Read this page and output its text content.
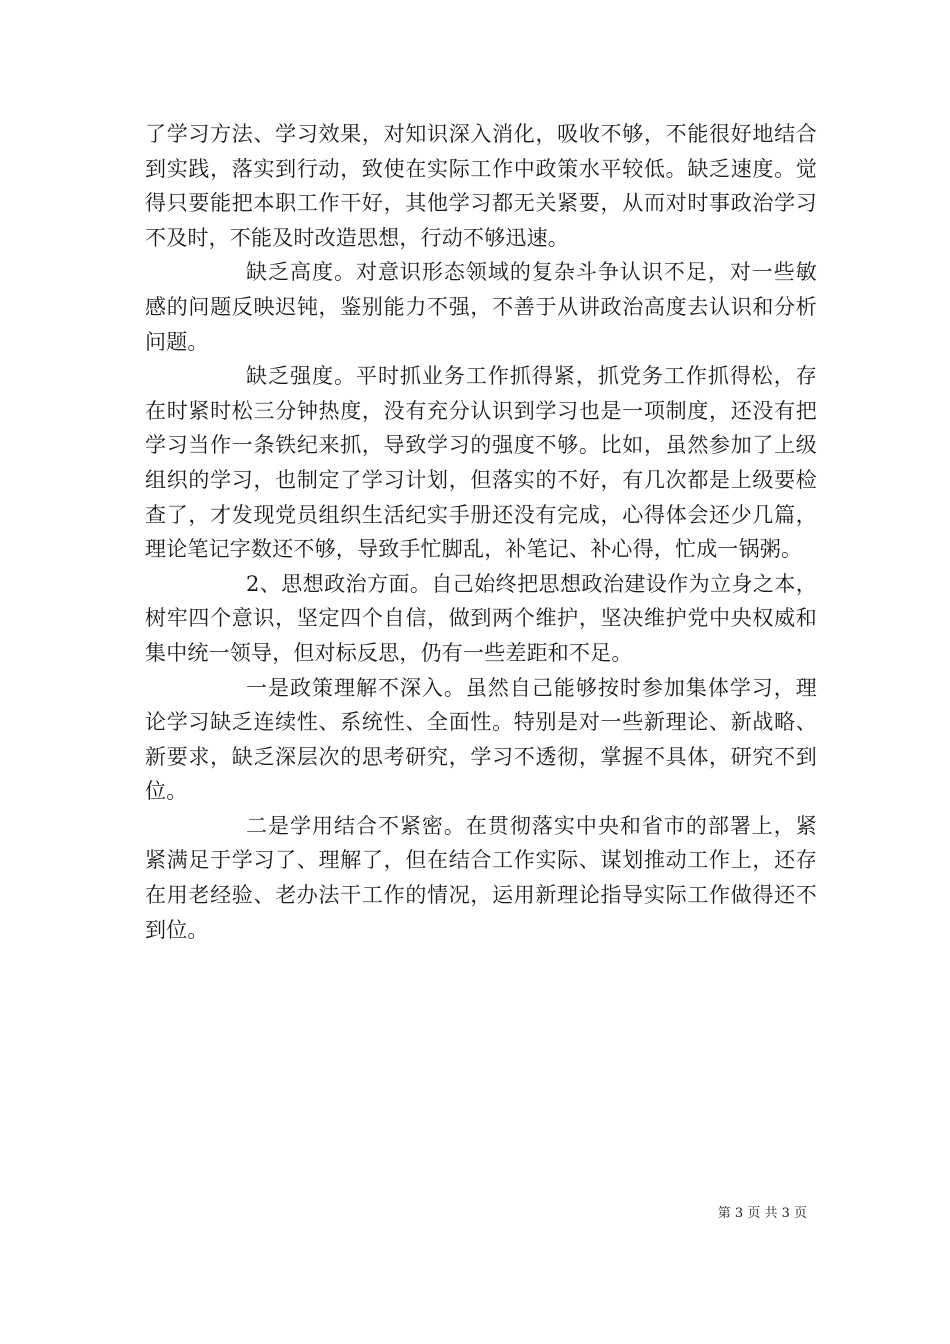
了学习方法、学习效果，对知识深入消化，吸收不够，不能很好地结合到实践，落实到行动，致使在实际工作中政策水平较低。缺乏速度。觉得只要能把本职工作干好，其他学习都无关紧要，从而对时事政治学习不及时，不能及时改造思想，行动不够迅速。

缺乏高度。对意识形态领域的复杂斗争认识不足，对一些敏感的问题反映迟钝，鉴别能力不强，不善于从讲政治高度去认识和分析问题。

缺乏强度。平时抓业务工作抓得紧，抓党务工作抓得松，存在时紧时松三分钟热度，没有充分认识到学习也是一项制度，还没有把学习当作一条铁纪来抓，导致学习的强度不够。比如，虽然参加了上级组织的学习，也制定了学习计划，但落实的不好，有几次都是上级要检查了，才发现党员组织生活纪实手册还没有完成，心得体会还少几篇，理论笔记字数还不够，导致手忙脚乱，补笔记、补心得，忙成一锅粥。

2、思想政治方面。自己始终把思想政治建设作为立身之本，树牢四个意识，坚定四个自信，做到两个维护，坚决维护党中央权威和集中统一领导，但对标反思，仍有一些差距和不足。

一是政策理解不深入。虽然自己能够按时参加集体学习，理论学习缺乏连续性、系统性、全面性。特别是对一些新理论、新战略、新要求，缺乏深层次的思考研究，学习不透彻，掌握不具体，研究不到位。

二是学用结合不紧密。在贯彻落实中央和省市的部署上，紧紧满足于学习了、理解了，但在结合工作实际、谋划推动工作上，还存在用老经验、老办法干工作的情况，运用新理论指导实际工作做得还不到位。

第 3 页 共 3 页
